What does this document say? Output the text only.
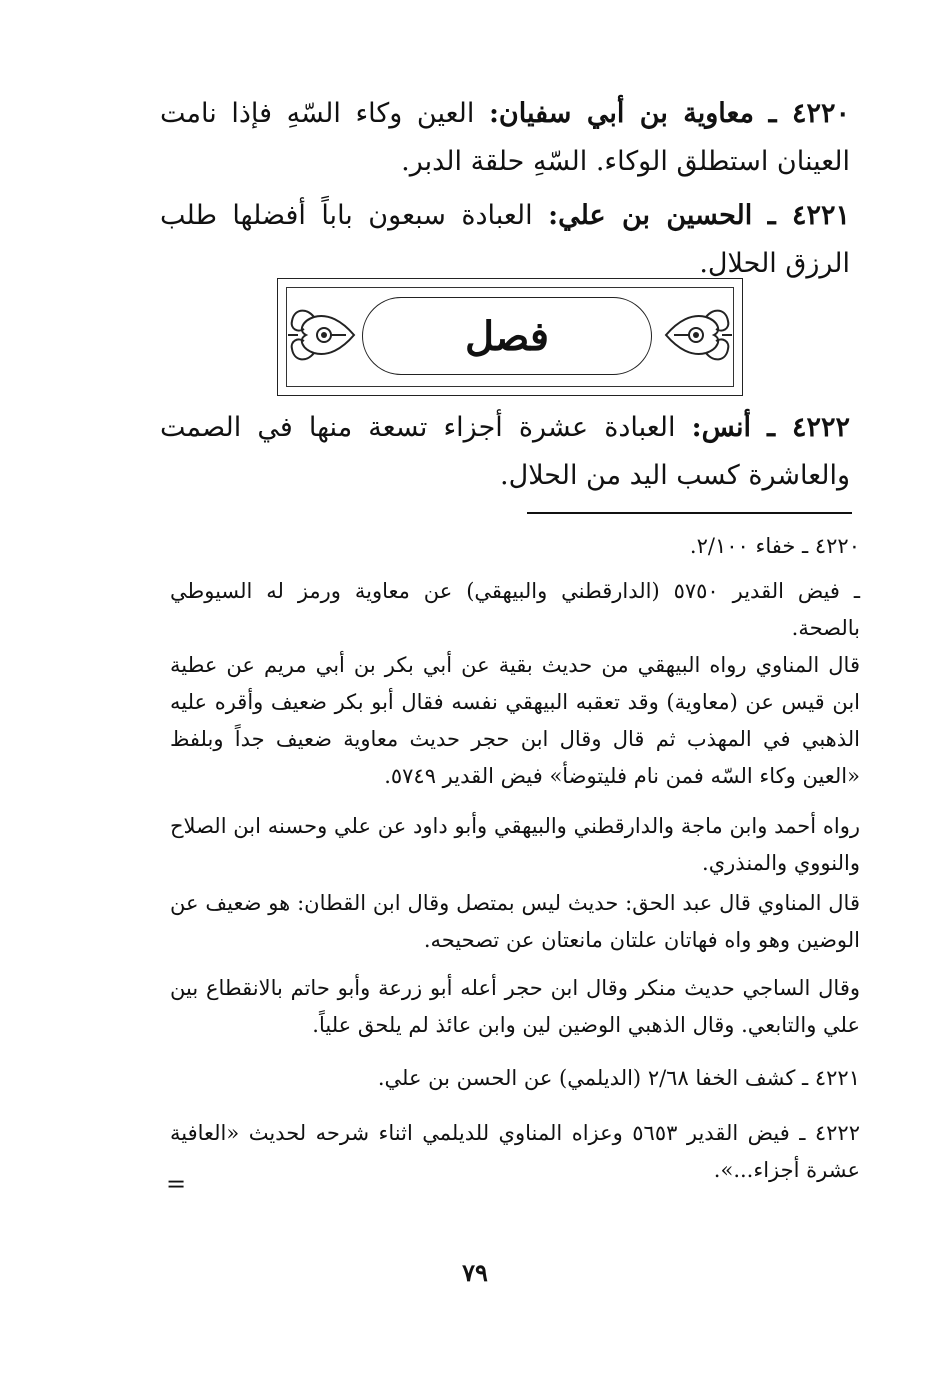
٤٢٢٠ ـ معاوية بن أبي سفيان: العين وكاء السّهِ فإذا نامت العينان استطلق الوكاء. السّهِ حلقة الدبر.
٤٢٢١ ـ الحسين بن علي: العبادة سبعون باباً أفضلها طلب الرزق الحلال.
فصل
٤٢٢٢ ـ أنس: العبادة عشرة أجزاء تسعة منها في الصمت والعاشرة كسب اليد من الحلال.
٤٢٢٠ ـ خفاء ٢/١٠٠.
ـ فيض القدير ٥٧٥٠ (الدارقطني والبيهقي) عن معاوية ورمز له السيوطي بالصحة.
قال المناوي رواه البيهقي من حديث بقية عن أبي بكر بن أبي مريم عن عطية ابن قيس عن (معاوية) وقد تعقبه البيهقي نفسه فقال أبو بكر ضعيف وأقره عليه الذهبي في المهذب ثم قال وقال ابن حجر حديث معاوية ضعيف جداً وبلفظ «العين وكاء السّه فمن نام فليتوضأ» فيض القدير ٥٧٤٩.
رواه أحمد وابن ماجة والدارقطني والبيهقي وأبو داود عن علي وحسنه ابن الصلاح والنووي والمنذري.
قال المناوي قال عبد الحق: حديث ليس بمتصل وقال ابن القطان: هو ضعيف عن الوضين وهو واه فهاتان علتان مانعتان عن تصحيحه.
وقال الساجي حديث منكر وقال ابن حجر أعله أبو زرعة وأبو حاتم بالانقطاع بين علي والتابعي. وقال الذهبي الوضين لين وابن عائذ لم يلحق علياً.
٤٢٢١ ـ كشف الخفا ٢/٦٨ (الديلمي) عن الحسن بن علي.
٤٢٢٢ ـ فيض القدير ٥٦٥٣ وعزاه المناوي للديلمي اثناء شرحه لحديث «العافية عشرة أجزاء...».
=
٧٩
